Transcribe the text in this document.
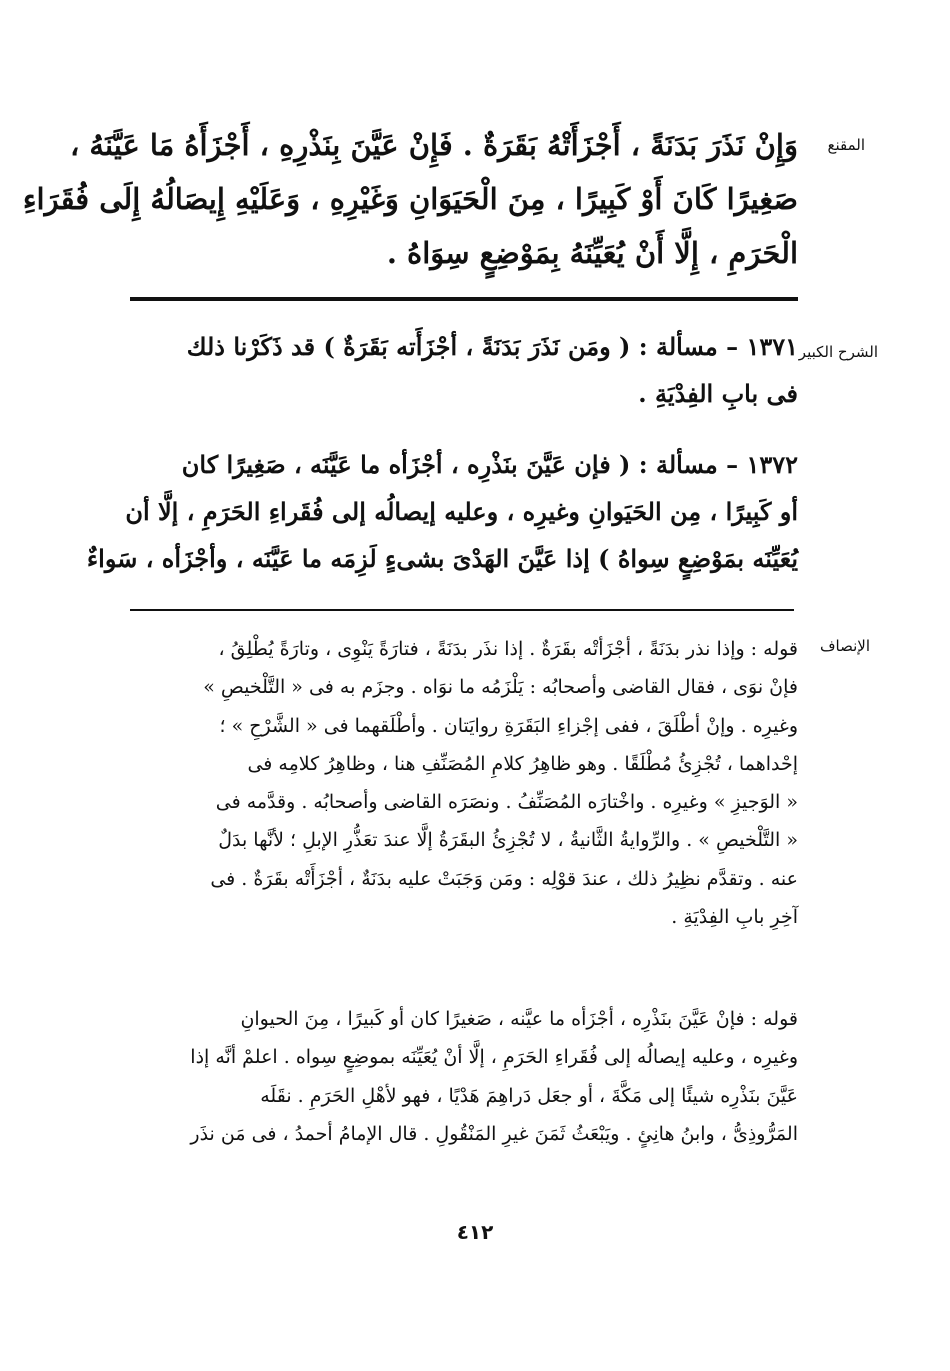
المقنع
الشرح الكبير
الإنصاف
وَإِنْ نَذَرَ بَدَنَةً ، أَجْزَأَتْهُ بَقَرَةٌ . فَإِنْ عَيَّنَ بِنَذْرِهِ ، أَجْزَأَهُ مَا عَيَّنَهُ ،
صَغِيرًا كَانَ أَوْ كَبِيرًا ، مِنَ الْحَيَوَانِ وَغَيْرِهِ ، وَعَلَيْهِ إِيصَالُهُ إِلَى فُقَرَاءِ
الْحَرَمِ ، إِلَّا أَنْ يُعَيِّنَهُ بِمَوْضِعٍ سِوَاهُ .
١٣٧١ – مسألة : ( ومَن نَذَرَ بَدَنَةً ، أجْزَأَته بَقَرَةٌ ) قد ذَكَرْنا ذلك
فى بابِ الفِدْيَةِ .
١٣٧٢ – مسألة : ( فإن عَيَّنَ بنَذْرِه ، أجْزَأه ما عَيَّنَه ، صَغِيرًا كان
أو كَبِيرًا ، مِن الحَيَوانِ وغيرِه ، وعليه إيصالُه إلى فُقَراءِ الحَرَمِ ، إلَّا أن
يُعَيِّنَه بمَوْضِعٍ سِواهُ ) إذا عَيَّنَ الهَدْىَ بشىءٍ لَزِمَه ما عَيَّنَه ، وأجْزَأه ، سَواءٌ
قوله : وإذا نذر بدَنَةً ، أجْزَأتْه بقَرَةٌ . إذا نذَر بدَنَةً ، فتارَةً يَنْوِى ، وتارَةً يُطْلِقُ ،
فإنْ نوَى ، فقال القاضى وأصحابُه : يَلْزَمُه ما نوَاه . وجزَم به فى « التَّلْخيصِ »
وغيرِه . وإنْ أطْلَقَ ، ففى إجْزاءِ البَقَرَةِ روايَتان . وأطْلَقهما فى « الشَّرْحِ » ؛
إحْداهما ، تُجْزِئُ مُطْلَقًا . وهو ظاهِرُ كلامِ المُصَنِّفِ هنا ، وظاهِرُ كلامِه فى
« الوَجيزِ » وغيرِه . واخْتارَه المُصَنِّفُ . ونصَرَه القاضى وأصحابُه . وقدَّمه فى
« التَّلْخيصِ » . والرِّوايةُ الثَّانيةُ ، لا تُجْزِئُ البقَرَةُ إلَّا عندَ تعَذُّرِ الإبلِ ؛ لأنَّها بدَلٌ
عنه . وتقدَّم نظِيرُ ذلك ، عندَ قوْلِه : ومَن وَجَبَتْ عليه بدَنَةٌ ، أجْزَأَتْه بقَرَةٌ . فى
آخِرِ بابِ الفِدْيَةِ .
قوله : فإنْ عَيَّنَ بنَذْرِه ، أجْزَأه ما عيَّنه ، صَغيرًا كان أو كَبيرًا ، مِنَ الحيوانِ
وغيرِه ، وعليه إيصالُه إلى فُقَراءِ الحَرَمِ ، إلَّا أنْ يُعَيِّنَه بموضِعٍ سِواه . اعلمْ أنَّه إذا
عَيَّنَ بنَذْرِه شيئًا إلى مَكَّةَ ، أو جعَل دَراهِمَ هَدْيًا ، فهو لأهْلِ الحَرَمِ . نقَلَه
المَرُّوذِىُّ ، وابنُ هانِئٍ . ويَبْعَثُ ثَمَنَ غيرِ المَنْقُولِ . قال الإمامُ أحمدُ ، فى مَن نذَر
٤١٢
